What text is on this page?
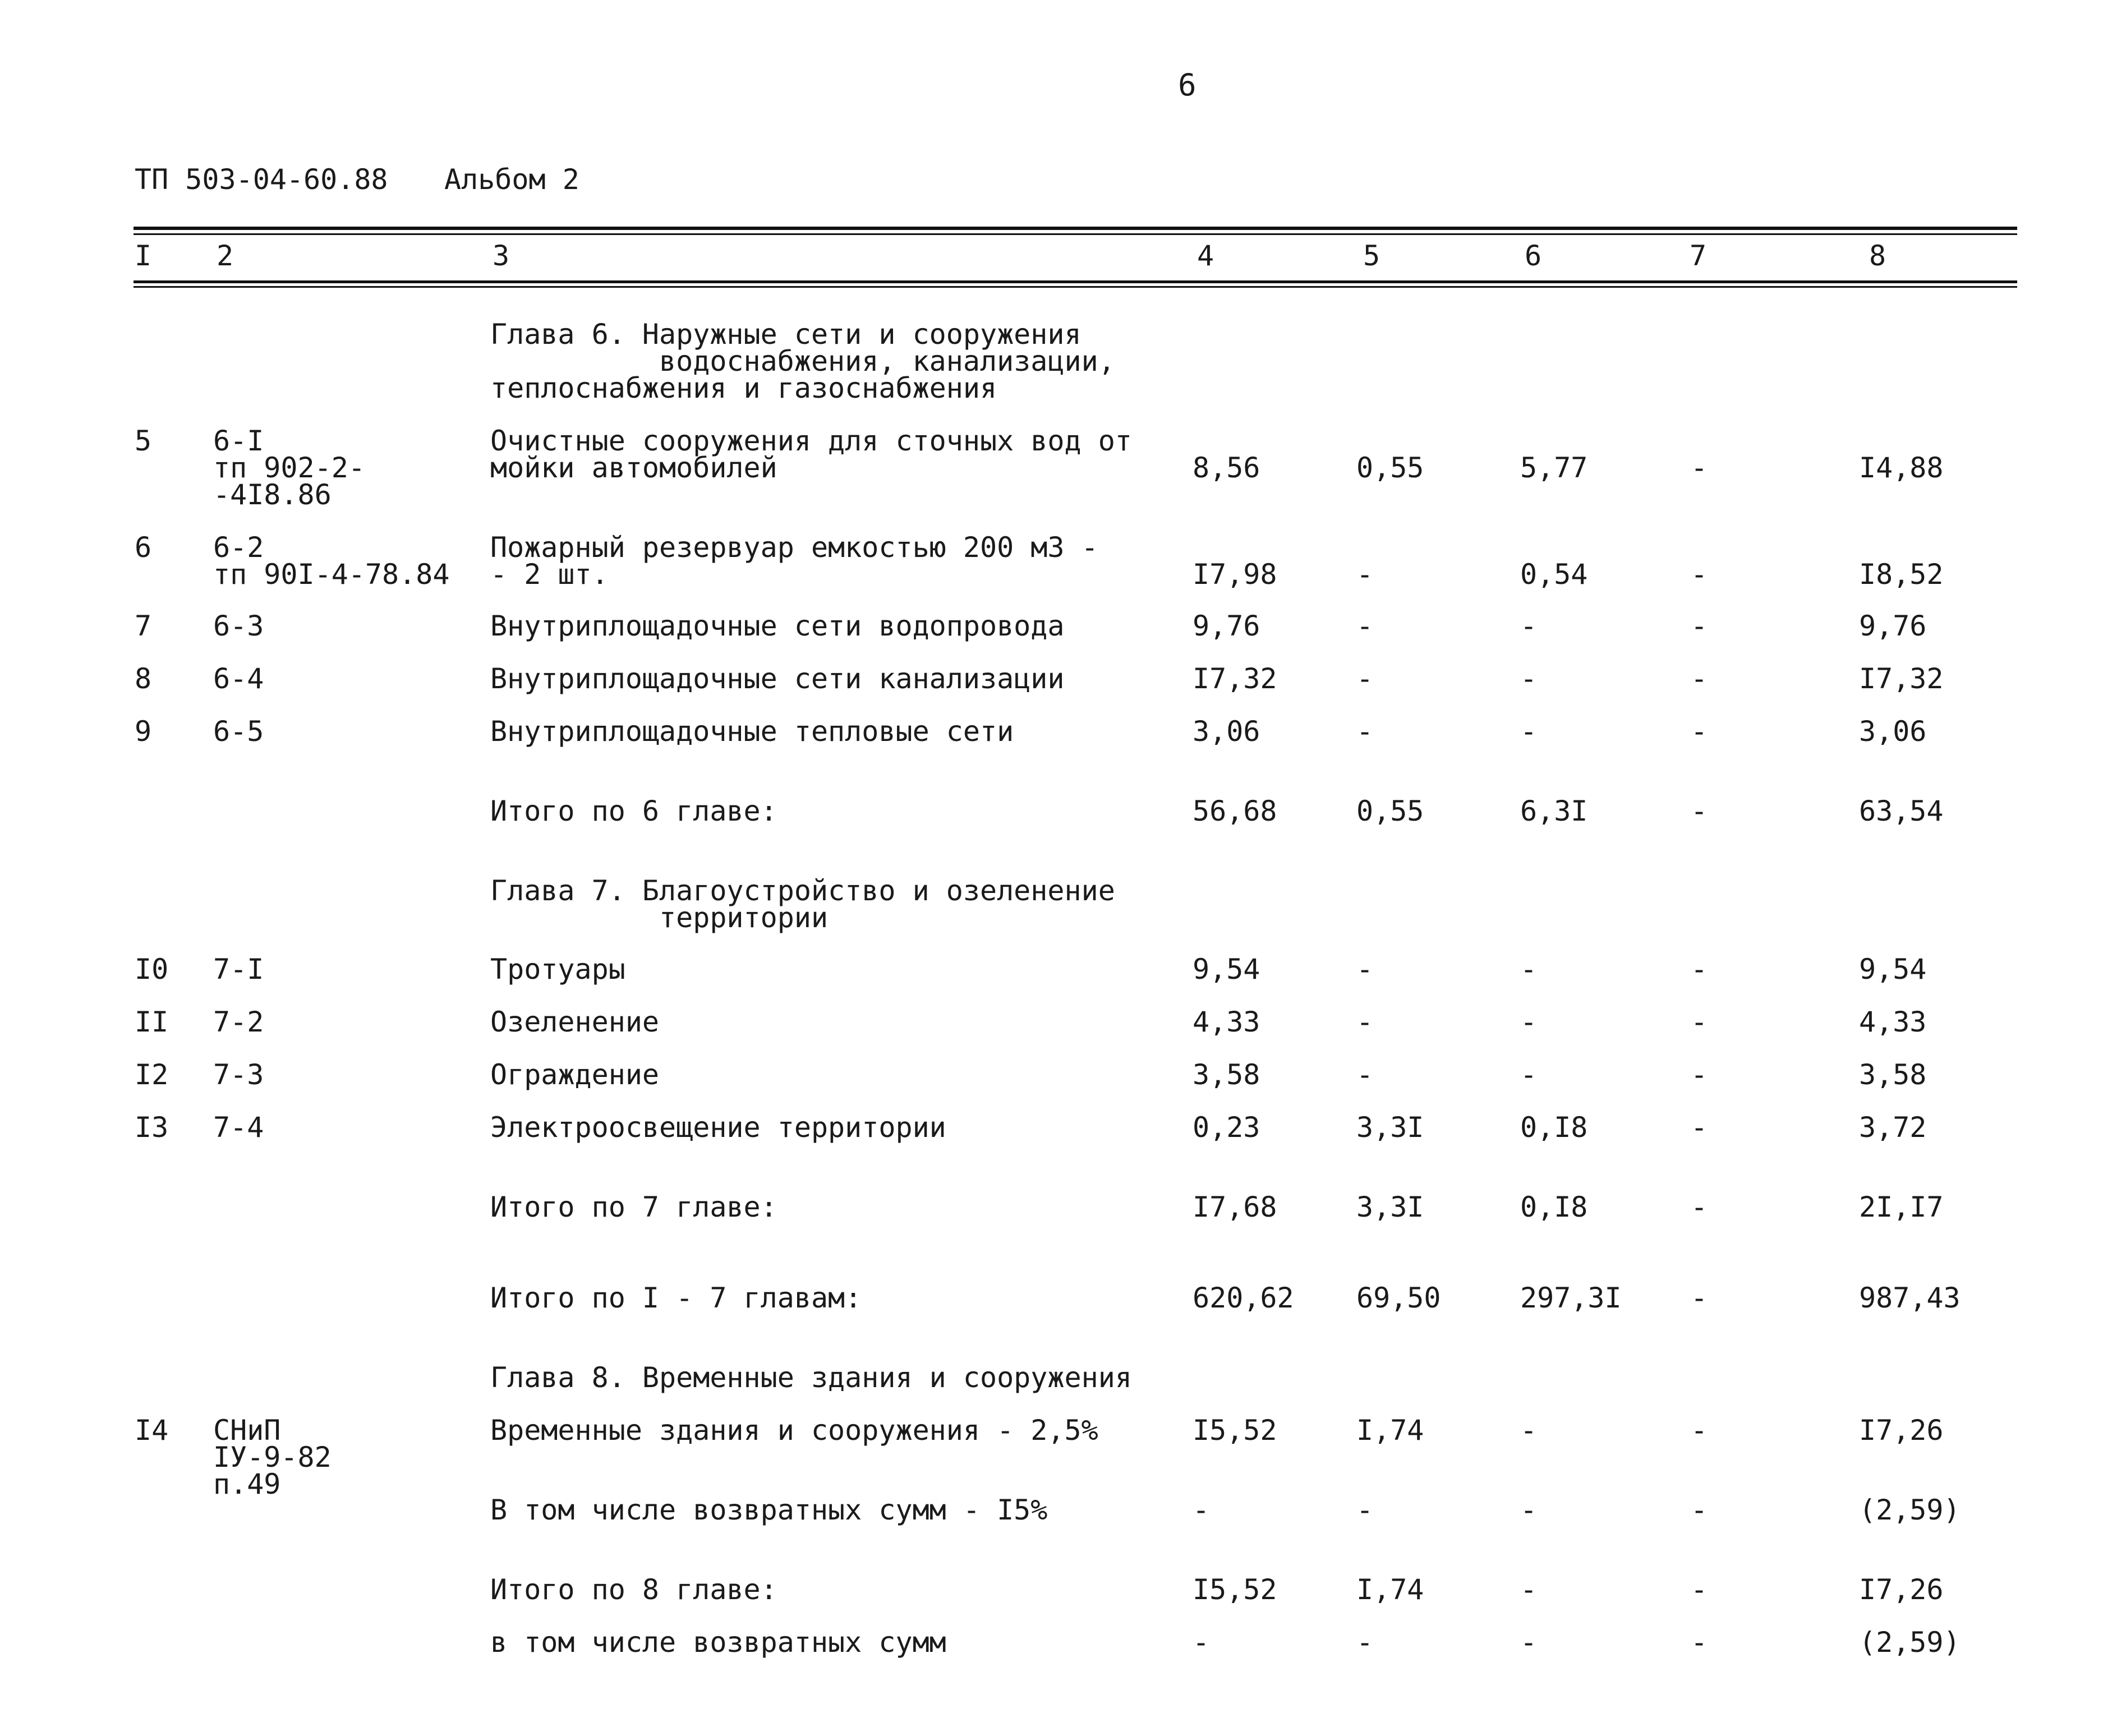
6
ТП 503-04-60.88 Альбом 2
I 2	3	4	5	6	7	8
Глава 6. Наружные сети и сооружения
водоснабжения, канализации,
теплоснабжения и газоснабжения
5 6-I
тп 902-2-
-4I8.86
Очистные сооружения для сточных вод от
мойки автомобилей	8,56	0,55	5,77	-	I4,88
6 6-2
тп 90I-4-78.84
Пожарный резервуар емкостью 200 м3 -
- 2 шт.	I7,98	-	0,54	-	I8,52
7 6-3	Внутриплощадочные сети водопровода	9,76	-	-	-	9,76
8 6-4	Внутриплощадочные сети канализации	I7,32	-	-	-	I7,32
9 6-5	Внутриплощадочные тепловые сети	3,06	-	-	-	3,06
Итого по 6 главе:	56,68	0,55	6,3I	-	63,54
Глава 7. Благоустройство и озеленение
территории
I0 7-I	Тротуары	9,54	-	-	-	9,54
II 7-2	Озеленение	4,33	-	-	-	4,33
I2 7-3	Ограждение	3,58	-	-	-	3,58
I3 7-4	Электроосвещение территории	0,23	3,3I	0,I8	-	3,72
Итого по 7 главе:	I7,68	3,3I	0,I8	-	2I,I7
Итого по I - 7 главам:	620,62 69,50	297,3I -	987,43
Глава 8. Временные здания и сооружения
I4 СНиП
IУ-9-82
п.49
Временные здания и сооружения - 2,5%	I5,52	I,74	-	-	I7,26
В том числе возвратных сумм - I5%	-	-	-	-	(2,59)
Итого по 8 главе:	I5,52	I,74	-	-	I7,26
в том числе возвратных сумм	-	-	-	-	(2,59)
